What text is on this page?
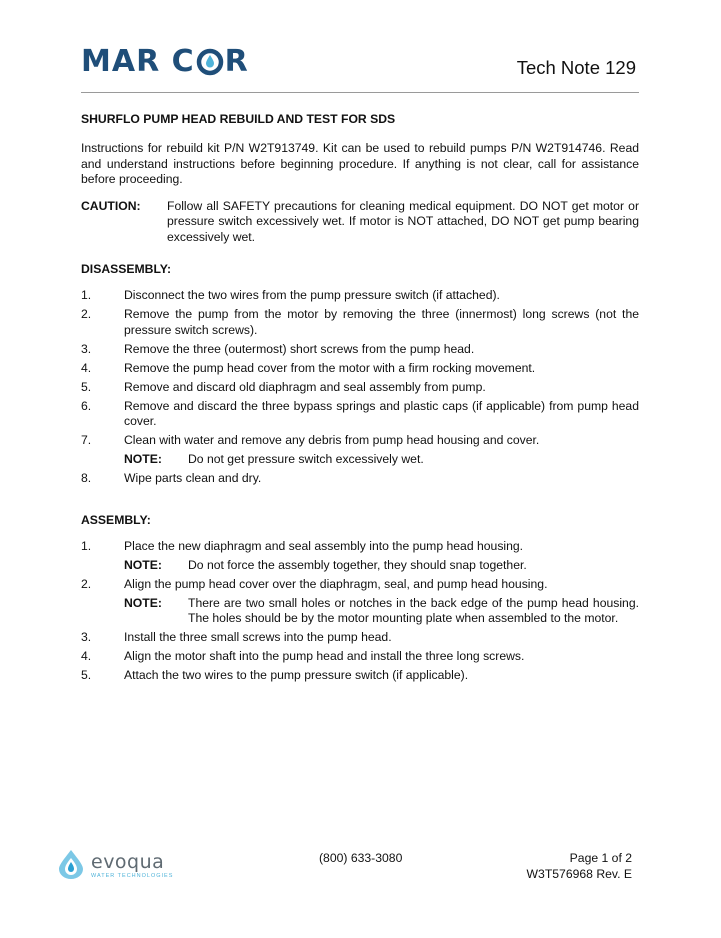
MAR C R	Tech Note 129

SHURFLO PUMP HEAD REBUILD AND TEST FOR SDS

Instructions for rebuild kit P/N W2T913749. Kit can be used to rebuild pumps P/N W2T914746. Read and understand instructions before beginning procedure. If anything is not clear, call for assistance before proceeding.

CAUTION:	Follow all SAFETY precautions for cleaning medical equipment. DO NOT get motor or pressure switch excessively wet. If motor is NOT attached, DO NOT get pump bearing excessively wet.
DISASSEMBLY:
1.	Disconnect the two wires from the pump pressure switch (if attached).
2.	Remove the pump from the motor by removing the three (innermost) long screws (not the pressure switch screws).
3.	Remove the three (outermost) short screws from the pump head.
4.	Remove the pump head cover from the motor with a firm rocking movement.
5.	Remove and discard old diaphragm and seal assembly from pump.
6.	Remove and discard the three bypass springs and plastic caps (if applicable) from pump head cover.
7.	Clean with water and remove any debris from pump head housing and cover.
NOTE:	Do not get pressure switch excessively wet.
8.	Wipe parts clean and dry.
ASSEMBLY:
1.	Place the new diaphragm and seal assembly into the pump head housing.
NOTE:	Do not force the assembly together, they should snap together.
2.	Align the pump head cover over the diaphragm, seal, and pump head housing.
NOTE:	There are two small holes or notches in the back edge of the pump head housing. The holes should be by the motor mounting plate when assembled to the motor.
3.	Install the three small screws into the pump head.
4.	Align the motor shaft into the pump head and install the three long screws.
5.	Attach the two wires to the pump pressure switch (if applicable).
evoqua
WATER TECHNOLOGIES
(800) 633-3080	Page 1 of 2
W3T576968 Rev. E
